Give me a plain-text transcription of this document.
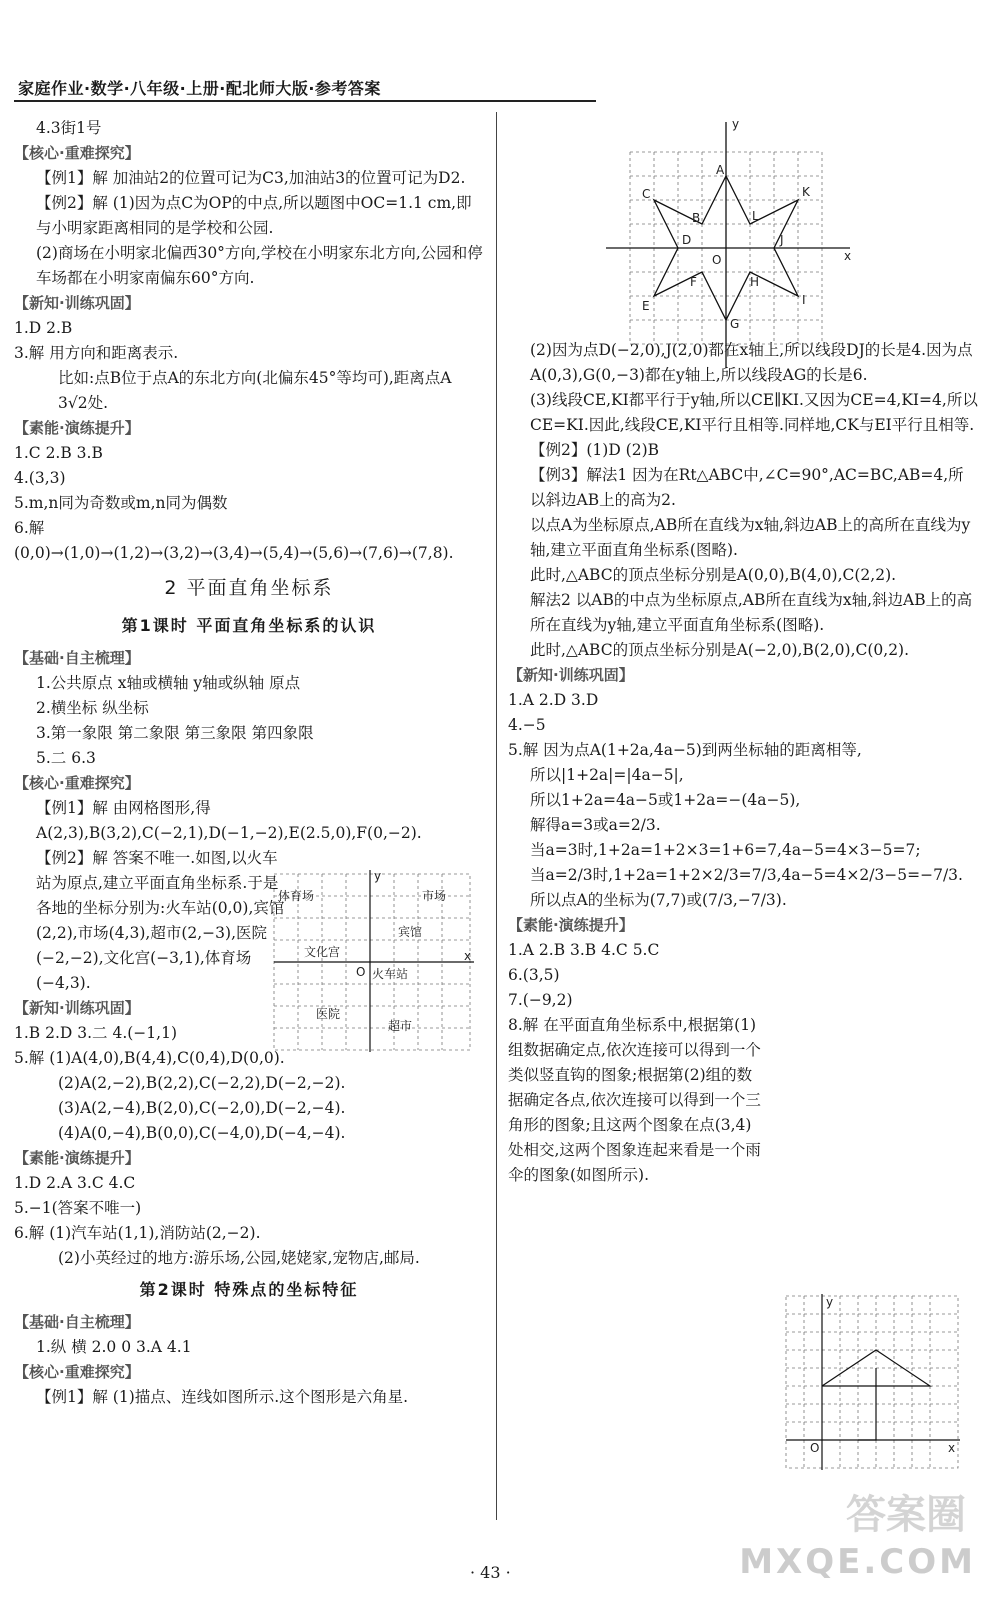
家庭作业·数学·八年级·上册·配北师大版·参考答案

4.3街1号

【核心·重难探究】

【例1】解 加油站2的位置可记为C3,加油站3的位置可记为D2.

【例2】解 (1)因为点C为OP的中点,所以题图中OC=1.1 cm,即与小明家距离相同的是学校和公园.

(2)商场在小明家北偏西30°方向,学校在小明家东北方向,公园和停车场都在小明家南偏东60°方向.

【新知·训练巩固】

1.D 2.B

3.解 用方向和距离表示.

比如:点B位于点A的东北方向(北偏东45°等均可),距离点A 3√2处.

【素能·演练提升】

1.C 2.B 3.B

4.(3,3)

5.m,n同为奇数或m,n同为偶数

6.解 (0,0)→(1,0)→(1,2)→(3,2)→(3,4)→(5,4)→(5,6)→(7,6)→(7,8).

2 平面直角坐标系
第1课时 平面直角坐标系的认识

【基础·自主梳理】

1.公共原点 x轴或横轴 y轴或纵轴 原点

2.横坐标 纵坐标

3.第一象限 第二象限 第三象限 第四象限

5.二 6.3

【核心·重难探究】

【例1】解 由网格图形,得A(2,3),B(3,2),C(−2,1),D(−1,−2),E(2.5,0),F(0,−2).

【例2】解 答案不唯一.如图,以火车站为原点,建立平面直角坐标系.于是各地的坐标分别为:火车站(0,0),宾馆(2,2),市场(4,3),超市(2,−3),医院(−2,−2),文化宫(−3,1),体育场(−4,3).

【新知·训练巩固】

1.B 2.D 3.二 4.(−1,1)

5.解 (1)A(4,0),B(4,4),C(0,4),D(0,0).

(2)A(2,−2),B(2,2),C(−2,2),D(−2,−2).

(3)A(2,−4),B(2,0),C(−2,0),D(−2,−4).

(4)A(0,−4),B(0,0),C(−4,0),D(−4,−4).

【素能·演练提升】

1.D 2.A 3.C 4.C

5.−1(答案不唯一)

6.解 (1)汽车站(1,1),消防站(2,−2).

(2)小英经过的地方:游乐场,公园,姥姥家,宠物店,邮局.

第2课时 特殊点的坐标特征

【基础·自主梳理】

1.纵 横 2.0 0 3.A 4.1

【核心·重难探究】

【例1】解 (1)描点、连线如图所示.这个图形是六角星.

(2)因为点D(−2,0),J(2,0)都在x轴上,所以线段DJ的长是4.因为点A(0,3),G(0,−3)都在y轴上,所以线段AG的长是6.

(3)线段CE,KI都平行于y轴,所以CE∥KI.又因为CE=4,KI=4,所以CE=KI.因此,线段CE,KI平行且相等.同样地,CK与EI平行且相等.

【例2】(1)D (2)B

【例3】解法1 因为在Rt△ABC中,∠C=90°,AC=BC,AB=4,所以斜边AB上的高为2.

以点A为坐标原点,AB所在直线为x轴,斜边AB上的高所在直线为y轴,建立平面直角坐标系(图略).

此时,△ABC的顶点坐标分别是A(0,0),B(4,0),C(2,2).

解法2 以AB的中点为坐标原点,AB所在直线为x轴,斜边AB上的高所在直线为y轴,建立平面直角坐标系(图略).

此时,△ABC的顶点坐标分别是A(−2,0),B(2,0),C(0,2).

【新知·训练巩固】

1.A 2.D 3.D

4.−5

5.解 因为点A(1+2a,4a−5)到两坐标轴的距离相等,

所以|1+2a|=|4a−5|,

所以1+2a=4a−5或1+2a=−(4a−5),

解得a=3或a=2/3.

当a=3时,1+2a=1+2×3=1+6=7,4a−5=4×3−5=7;

当a=2/3时,1+2a=1+2×2/3=7/3,4a−5=4×2/3−5=−7/3.

所以点A的坐标为(7,7)或(7/3,−7/3).

【素能·演练提升】

1.A 2.B 3.B 4.C 5.C

6.(3,5)

7.(−9,2)

8.解 在平面直角坐标系中,根据第(1)组数据确定点,依次连接可以得到一个类似竖直钩的图象;根据第(2)组的数据确定各点,依次连接可以得到一个三角形的图象;且这两个图象在点(3,4)处相交,这两个图象连起来看是一个雨伞的图象(如图所示).

y
x
O
A
B
C
D
E
F
G
H
I
J
K
L
y
x
O
体育场	市场
宾馆
文化宫
火车站
医院
超市
y
x
O
· 43 ·
答案圈
MXQE.COM
